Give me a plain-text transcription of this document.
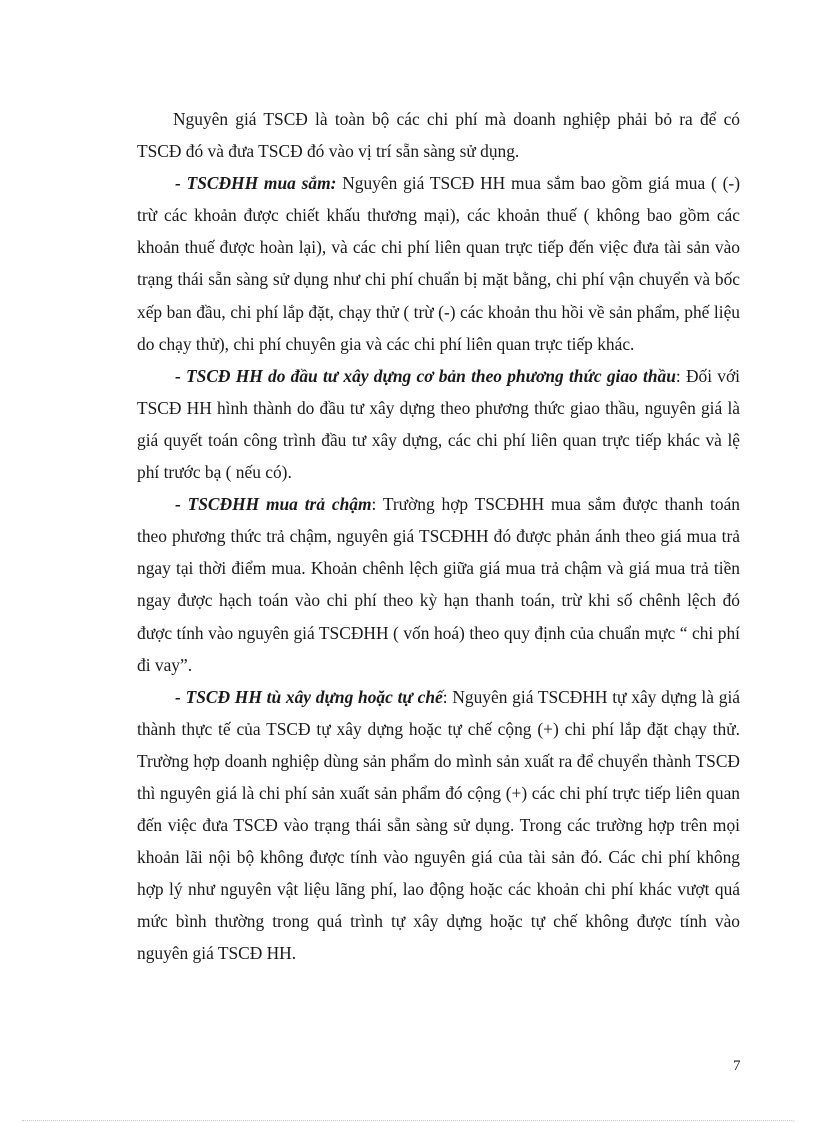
Nguyên giá TSCĐ là toàn bộ các chi phí mà doanh nghiệp phải bỏ ra để có TSCĐ đó và đưa TSCĐ đó vào vị trí sẵn sàng sử dụng.

- TSCĐHH mua sắm: Nguyên giá TSCĐ HH mua sắm bao gồm giá mua ( (-) trừ các khoản được chiết khấu thương mại), các khoản thuế ( không bao gồm các khoản thuế được hoàn lại), và các chi phí liên quan trực tiếp đến việc đưa tài sản vào trạng thái sẵn sàng sử dụng như chi phí chuẩn bị mặt bằng, chi phí vận chuyển và bốc xếp ban đầu, chi phí lắp đặt, chạy thử ( trừ (-) các khoản thu hồi về sản phẩm, phế liệu do chạy thử), chi phí chuyên gia và các chi phí liên quan trực tiếp khác.

- TSCĐ HH do đầu tư xây dựng cơ bản theo phương thức giao thầu: Đối với TSCĐ HH hình thành do đầu tư xây dựng theo phương thức giao thầu, nguyên giá là giá quyết toán công trình đầu tư xây dựng, các chi phí liên quan trực tiếp khác và lệ phí trước bạ ( nếu có).

- TSCĐHH mua trả chậm: Trường hợp TSCĐHH mua sắm được thanh toán theo phương thức trả chậm, nguyên giá TSCĐHH đó được phản ánh theo giá mua trả ngay tại thời điểm mua. Khoản chênh lệch giữa giá mua trả chậm và giá mua trả tiền ngay được hạch toán vào chi phí theo kỳ hạn thanh toán, trừ khi số chênh lệch đó được tính vào nguyên giá TSCĐHH ( vốn hoá) theo quy định của chuẩn mực “ chi phí đi vay”.

- TSCĐ HH tù xây dựng hoặc tự chế: Nguyên giá TSCĐHH tự xây dựng là giá thành thực tế của TSCĐ tự xây dựng hoặc tự chế cộng (+) chi phí lắp đặt chạy thử. Trường hợp doanh nghiệp dùng sản phẩm do mình sản xuất ra để chuyển thành TSCĐ thì nguyên giá là chi phí sản xuất sản phẩm đó cộng (+) các chi phí trực tiếp liên quan đến việc đưa TSCĐ vào trạng thái sẵn sàng sử dụng. Trong các trường hợp trên mọi khoản lãi nội bộ không được tính vào nguyên giá của tài sản đó. Các chi phí không hợp lý như nguyên vật liệu lãng phí, lao động hoặc các khoản chi phí khác vượt quá mức bình thường trong quá trình tự xây dựng hoặc tự chế không được tính vào nguyên giá TSCĐ HH.

7
